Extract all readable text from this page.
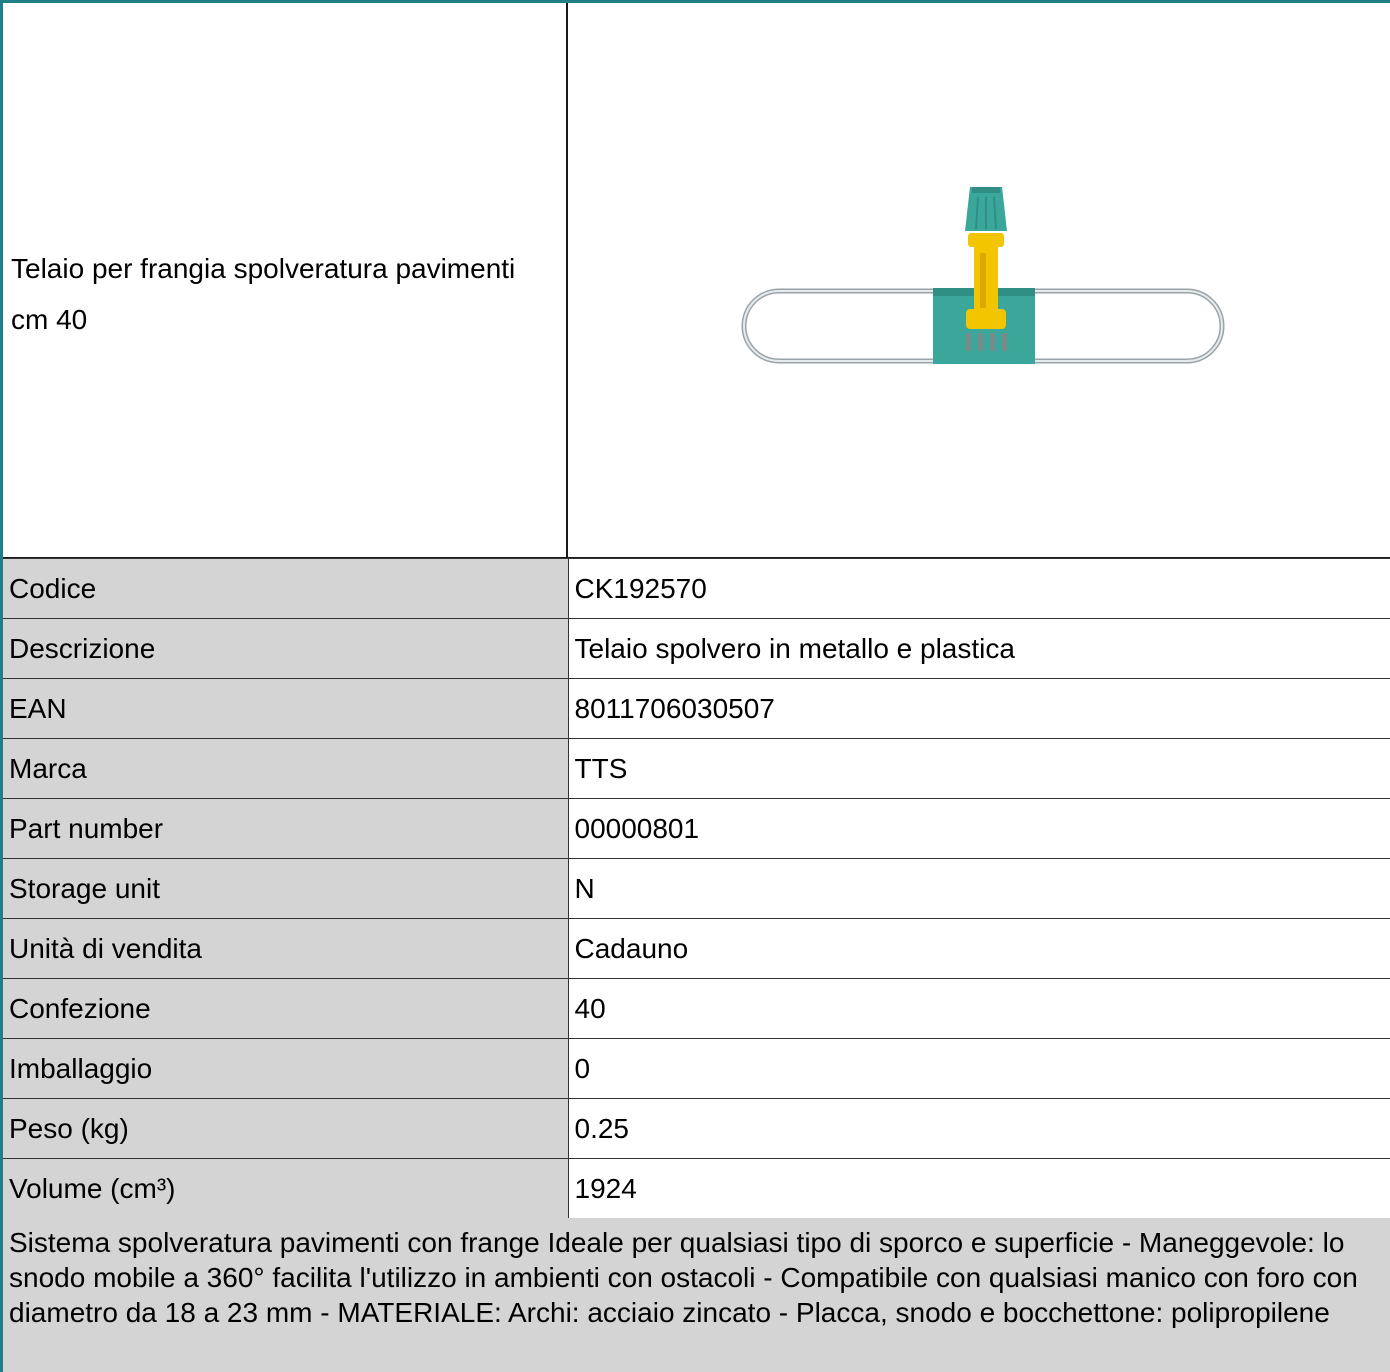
Telaio per frangia spolveratura pavimenti cm 40
Codice	CK192570
Descrizione	Telaio spolvero in metallo e plastica
EAN	8011706030507
Marca	TTS
Part number	00000801
Storage unit	N
Unità di vendita	Cadauno
Confezione	40
Imballaggio	0
Peso (kg)	0.25
Volume (cm³)	1924
Sistema spolveratura pavimenti con frange Ideale per qualsiasi tipo di sporco e superficie - Maneggevole: lo snodo mobile a 360° facilita l'utilizzo in ambienti con ostacoli - Compatibile con qualsiasi manico con foro con diametro da 18 a 23 mm - MATERIALE: Archi: acciaio zincato - Placca, snodo e bocchettone: polipropilene
